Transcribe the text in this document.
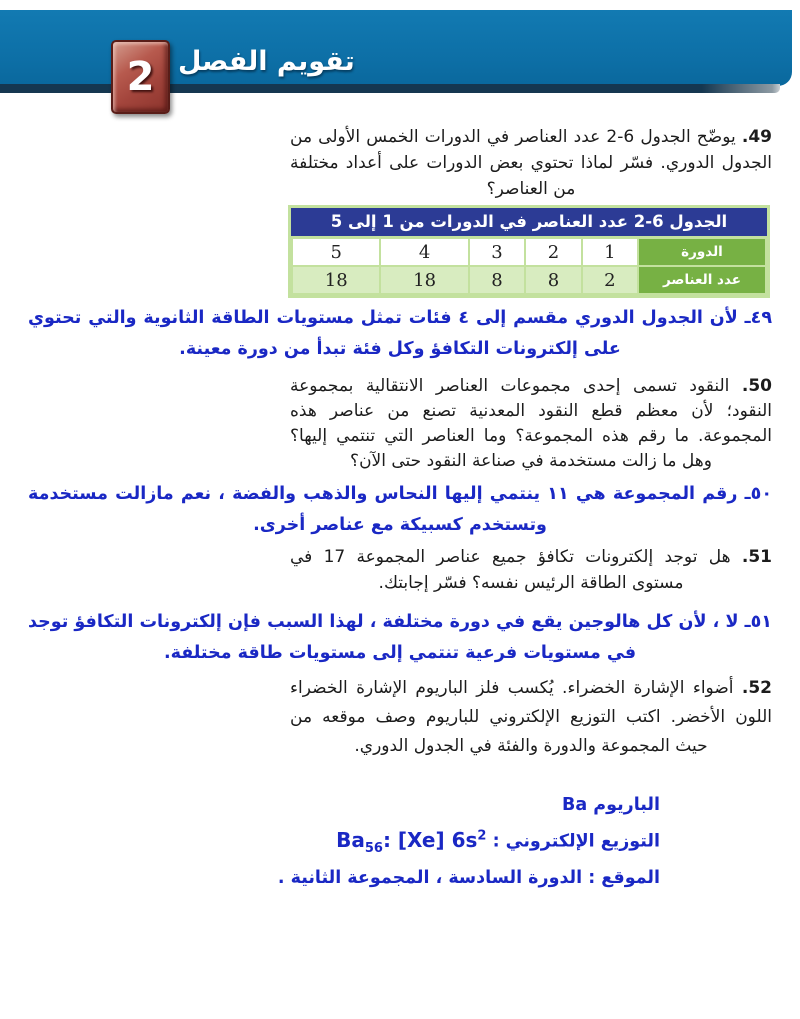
تقويم الفصل
2

49. يوضّح الجدول 6-2 عدد العناصر في الدورات الخمس الأولى من الجدول الدوري. فسّر لماذا تحتوي بعض الدورات على أعداد مختلفة من العناصر؟

الجدول 6-2 عدد العناصر في الدورات من 1 إلى 5
الدورة	1	2	3	4	5
عدد العناصر	2	8	8	18	18

٤٩ـ لأن الجدول الدوري مقسم إلى ٤ فئات تمثل مستويات الطاقة الثانوية والتي تحتوي على إلكترونات التكافؤ وكل فئة تبدأ من دورة معينة.

50. النقود تسمى إحدى مجموعات العناصر الانتقالية بمجموعة النقود؛ لأن معظم قطع النقود المعدنية تصنع من عناصر هذه المجموعة. ما رقم هذه المجموعة؟ وما العناصر التي تنتمي إليها؟ وهل ما زالت مستخدمة في صناعة النقود حتى الآن؟

٥٠ـ رقم المجموعة هي ١١ ينتمي إليها النحاس والذهب والفضة ، نعم مازالت مستخدمة وتستخدم كسبيكة مع عناصر أخرى.

51. هل توجد إلكترونات تكافؤ جميع عناصر المجموعة 17 في مستوى الطاقة الرئيس نفسه؟ فسّر إجابتك.

٥١ـ لا ، لأن كل هالوجين يقع في دورة مختلفة ، لهذا السبب فإن إلكترونات التكافؤ توجد في مستويات فرعية تنتمي إلى مستويات طاقة مختلفة.

52. أضواء الإشارة الخضراء. يُكسب فلز الباريوم الإشارة الخضراء اللون الأخضر. اكتب التوزيع الإلكتروني للباريوم وصف موقعه من حيث المجموعة والدورة والفئة في الجدول الدوري.

الباريوم Ba

التوزيع الإلكتروني : $Ba_{56}$: [Xe] $6s^2$

الموقع : الدورة السادسة ، المجموعة الثانية .
